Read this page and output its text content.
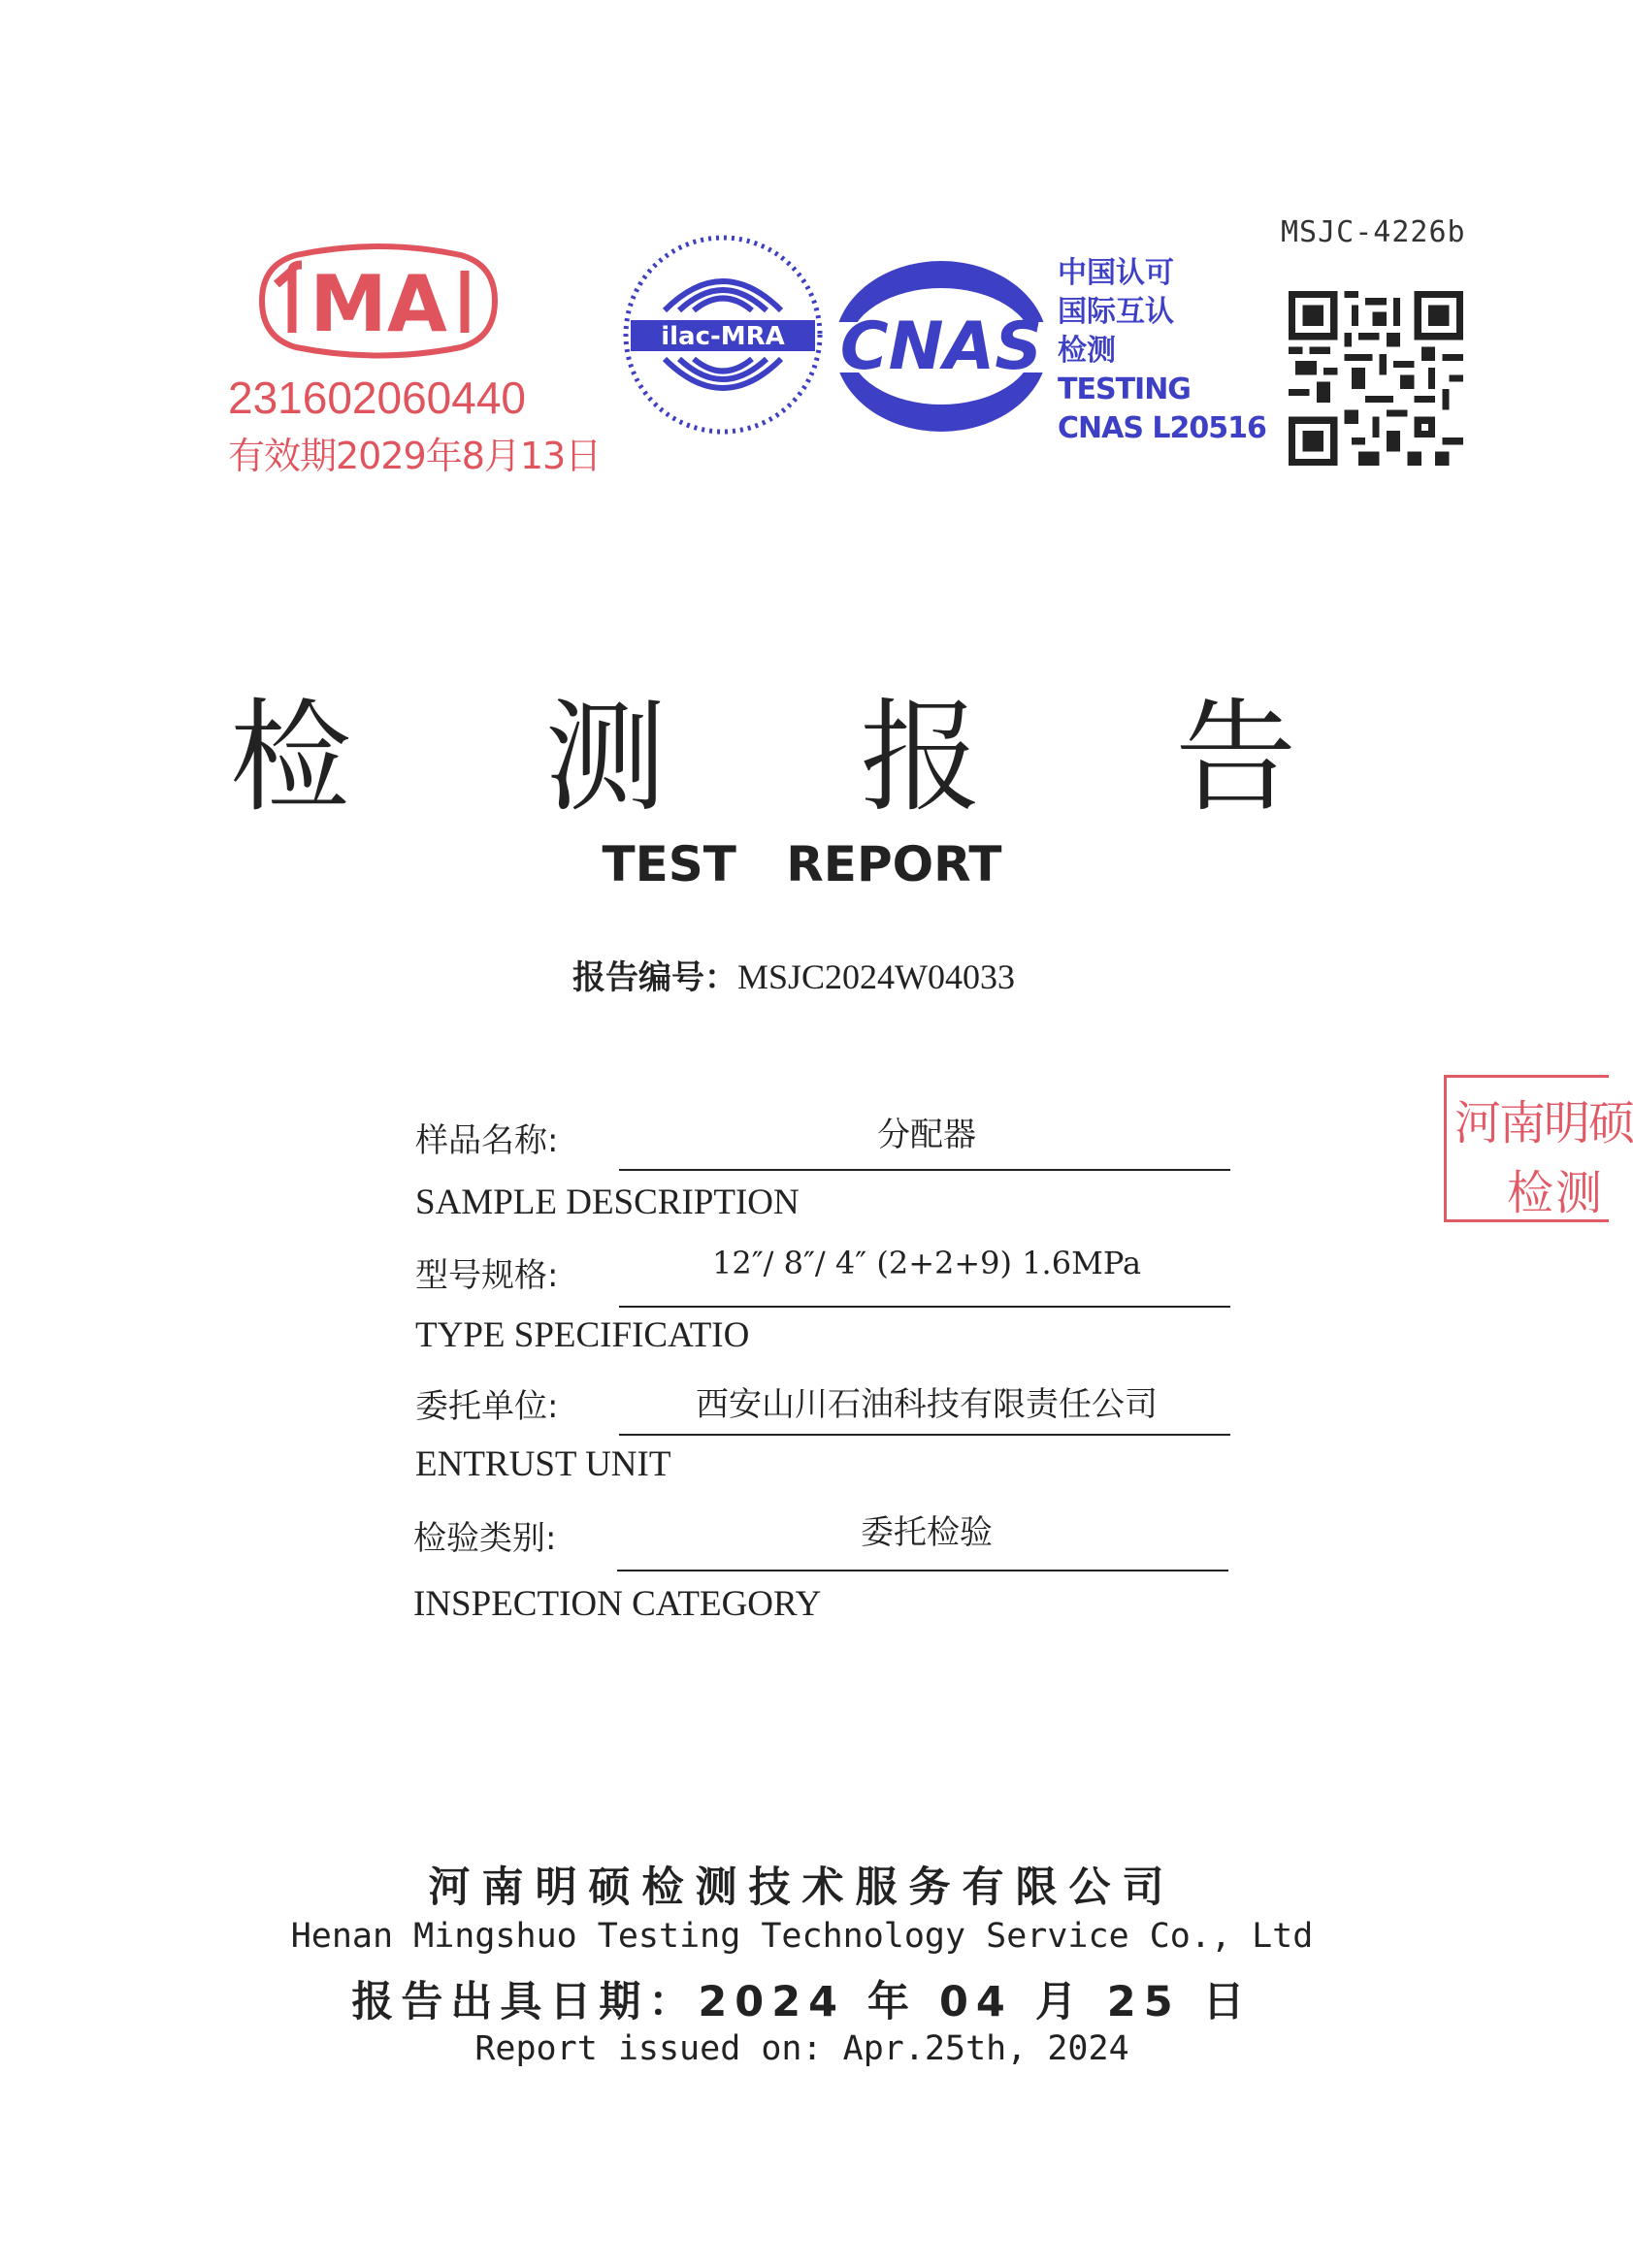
MSJC-4226b
MA
231602060440
有效期2029年8月13日
ilac-MRA CNAS
中国认可
国际互认
检测
TESTING
CNAS L20516
检 测 报 告
TEST REPORT
报告编号：MSJC2024W04033
样品名称:	分配器
SAMPLE DESCRIPTION
型号规格:	12″/ 8″/ 4″ (2+2+9) 1.6MPa
TYPE SPECIFICATIO
委托单位:	西安山川石油科技有限责任公司
ENTRUST UNIT
检验类别:	委托检验
INSPECTION CATEGORY
河南明硕
检测
河南明硕检测技术服务有限公司
Henan Mingshuo Testing Technology Service Co., Ltd
报告出具日期：2024 年 04 月 25 日
Report issued on: Apr.25th, 2024
